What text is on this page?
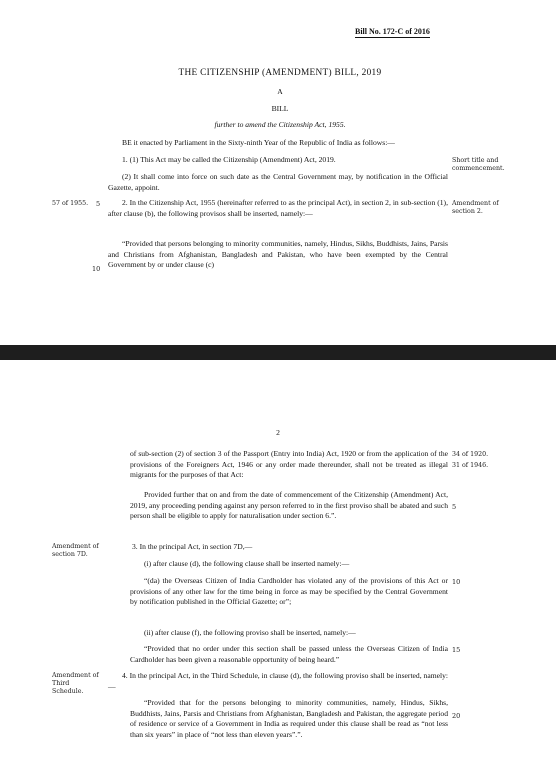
Bill No. 172-C of 2016
THE CITIZENSHIP (AMENDMENT) BILL, 2019
A
BILL
further to amend the Citizenship Act, 1955.

BE it enacted by Parliament in the Sixty-ninth Year of the Republic of India as follows:—

1. (1) This Act may be called the Citizenship (Amendment) Act, 2019.	Short title and commencement.

(2) It shall come into force on such date as the Central Government may, by notification in the Official Gazette, appoint.

57 of 1955. 5	2. In the Citizenship Act, 1955 (hereinafter referred to as the principal Act), in section 2, in sub-section (1), after clause (b), the following provisos shall be inserted, namely:—

Amendment of section 2.

“Provided that persons belonging to minority communities, namely, Hindus, Sikhs, Buddhists, Jains, Parsis and Christians from Afghanistan, Bangladesh and Pakistan, who have been exempted by the Central Government by or under clause (c)

10
2

of sub-section (2) of section 3 of the Passport (Entry into India) Act, 1920 or from the application of the provisions of the Foreigners Act, 1946 or any order made thereunder, shall not be treated as illegal migrants for the purposes of that Act:

34 of 1920.
31 of 1946.

Provided further that on and from the date of commencement of the Citizenship (Amendment) Act, 2019, any proceeding pending against any person referred to in the first proviso shall be abated and such person shall be eligible to apply for naturalisation under section 6.”.

5
Amendment of section 7D.

3. In the principal Act, in section 7D,—

(i) after clause (d), the following clause shall be inserted namely:—

“(da) the Overseas Citizen of India Cardholder has violated any of the provisions of this Act or provisions of any other law for the time being in force as may be specified by the Central Government by notification published in the Official Gazette; or”;

10

(ii) after clause (f), the following proviso shall be inserted, namely:—

“Provided that no order under this section shall be passed unless the Overseas Citizen of India Cardholder has been given a reasonable opportunity of being heard.”

15
Amendment of Third Schedule.

4. In the principal Act, in the Third Schedule, in clause (d), the following proviso shall be inserted, namely:—

“Provided that for the persons belonging to minority communities, namely, Hindus, Sikhs, Buddhists, Jains, Parsis and Christians from Afghanistan, Bangladesh and Pakistan, the aggregate period of residence or service of a Government in India as required under this clause shall be read as “not less than six years” in place of “not less than eleven years”.”.

20
